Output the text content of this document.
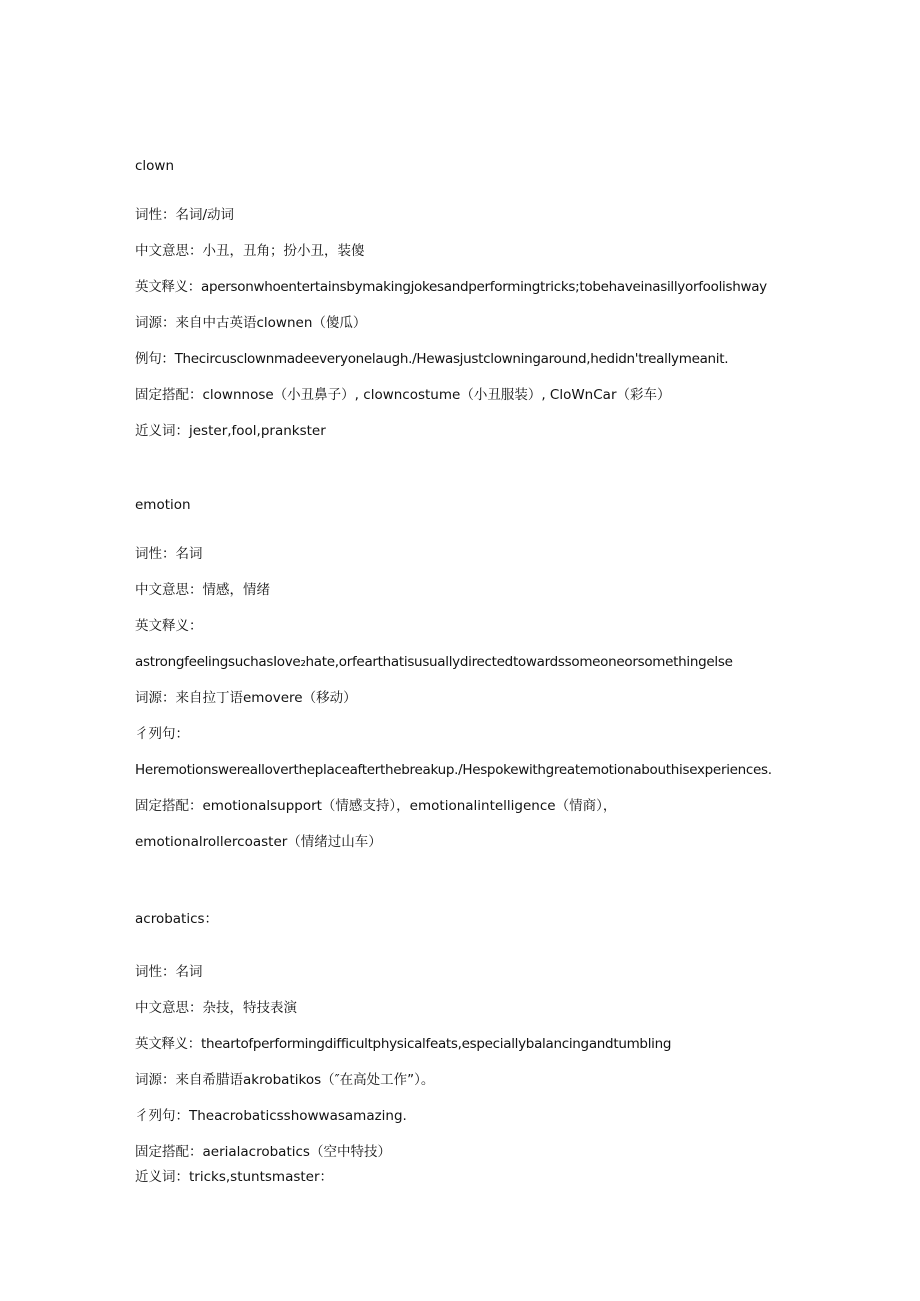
clown
词性：名词/动词
中文意思：小丑，丑角；扮小丑，装傻
英文释义：apersonwhoentertainsbymakingjokesandperformingtricks;tobehaveinasillyorfoolishway
词源：来自中古英语clownen（傻瓜）
例句：Thecircusclownmadeeveryonelaugh./Hewasjustclowningaround,hedidn'treallymeanit.
固定搭配：clownnose（小丑鼻子）, clowncostume（小丑服装）, CloWnCar（彩车）
近义词：jester,fool,prankster
emotion
词性：名词
中文意思：情感，情绪
英文释义：
astrongfeelingsuchasIove₂hate,orfearthatisusuallydirectedtowardssomeoneorsomethingelse
词源：来自拉丁语emovere（移动）
彳列句：
Heremotionswereallovertheplaceafterthebreakup./Hespokewithgreatemotionabouthisexperiences.
固定搭配：emotionalsupport（情感支持），emotionalintelligence（情商），
emotionalrollercoaster（情绪过山车）
acrobatics：
词性：名词
中文意思：杂技，特技表演
英文释义：theartofperformingdifficultphysicalfeats,especiallybalancingandtumbling
词源：来自希腊语akrobatikos（″在高处工作”）。
彳列句：Theacrobaticsshowwasamazing.
固定搭配：aerialacrobatics（空中特技）
近义词：tricks,stuntsmaster：
